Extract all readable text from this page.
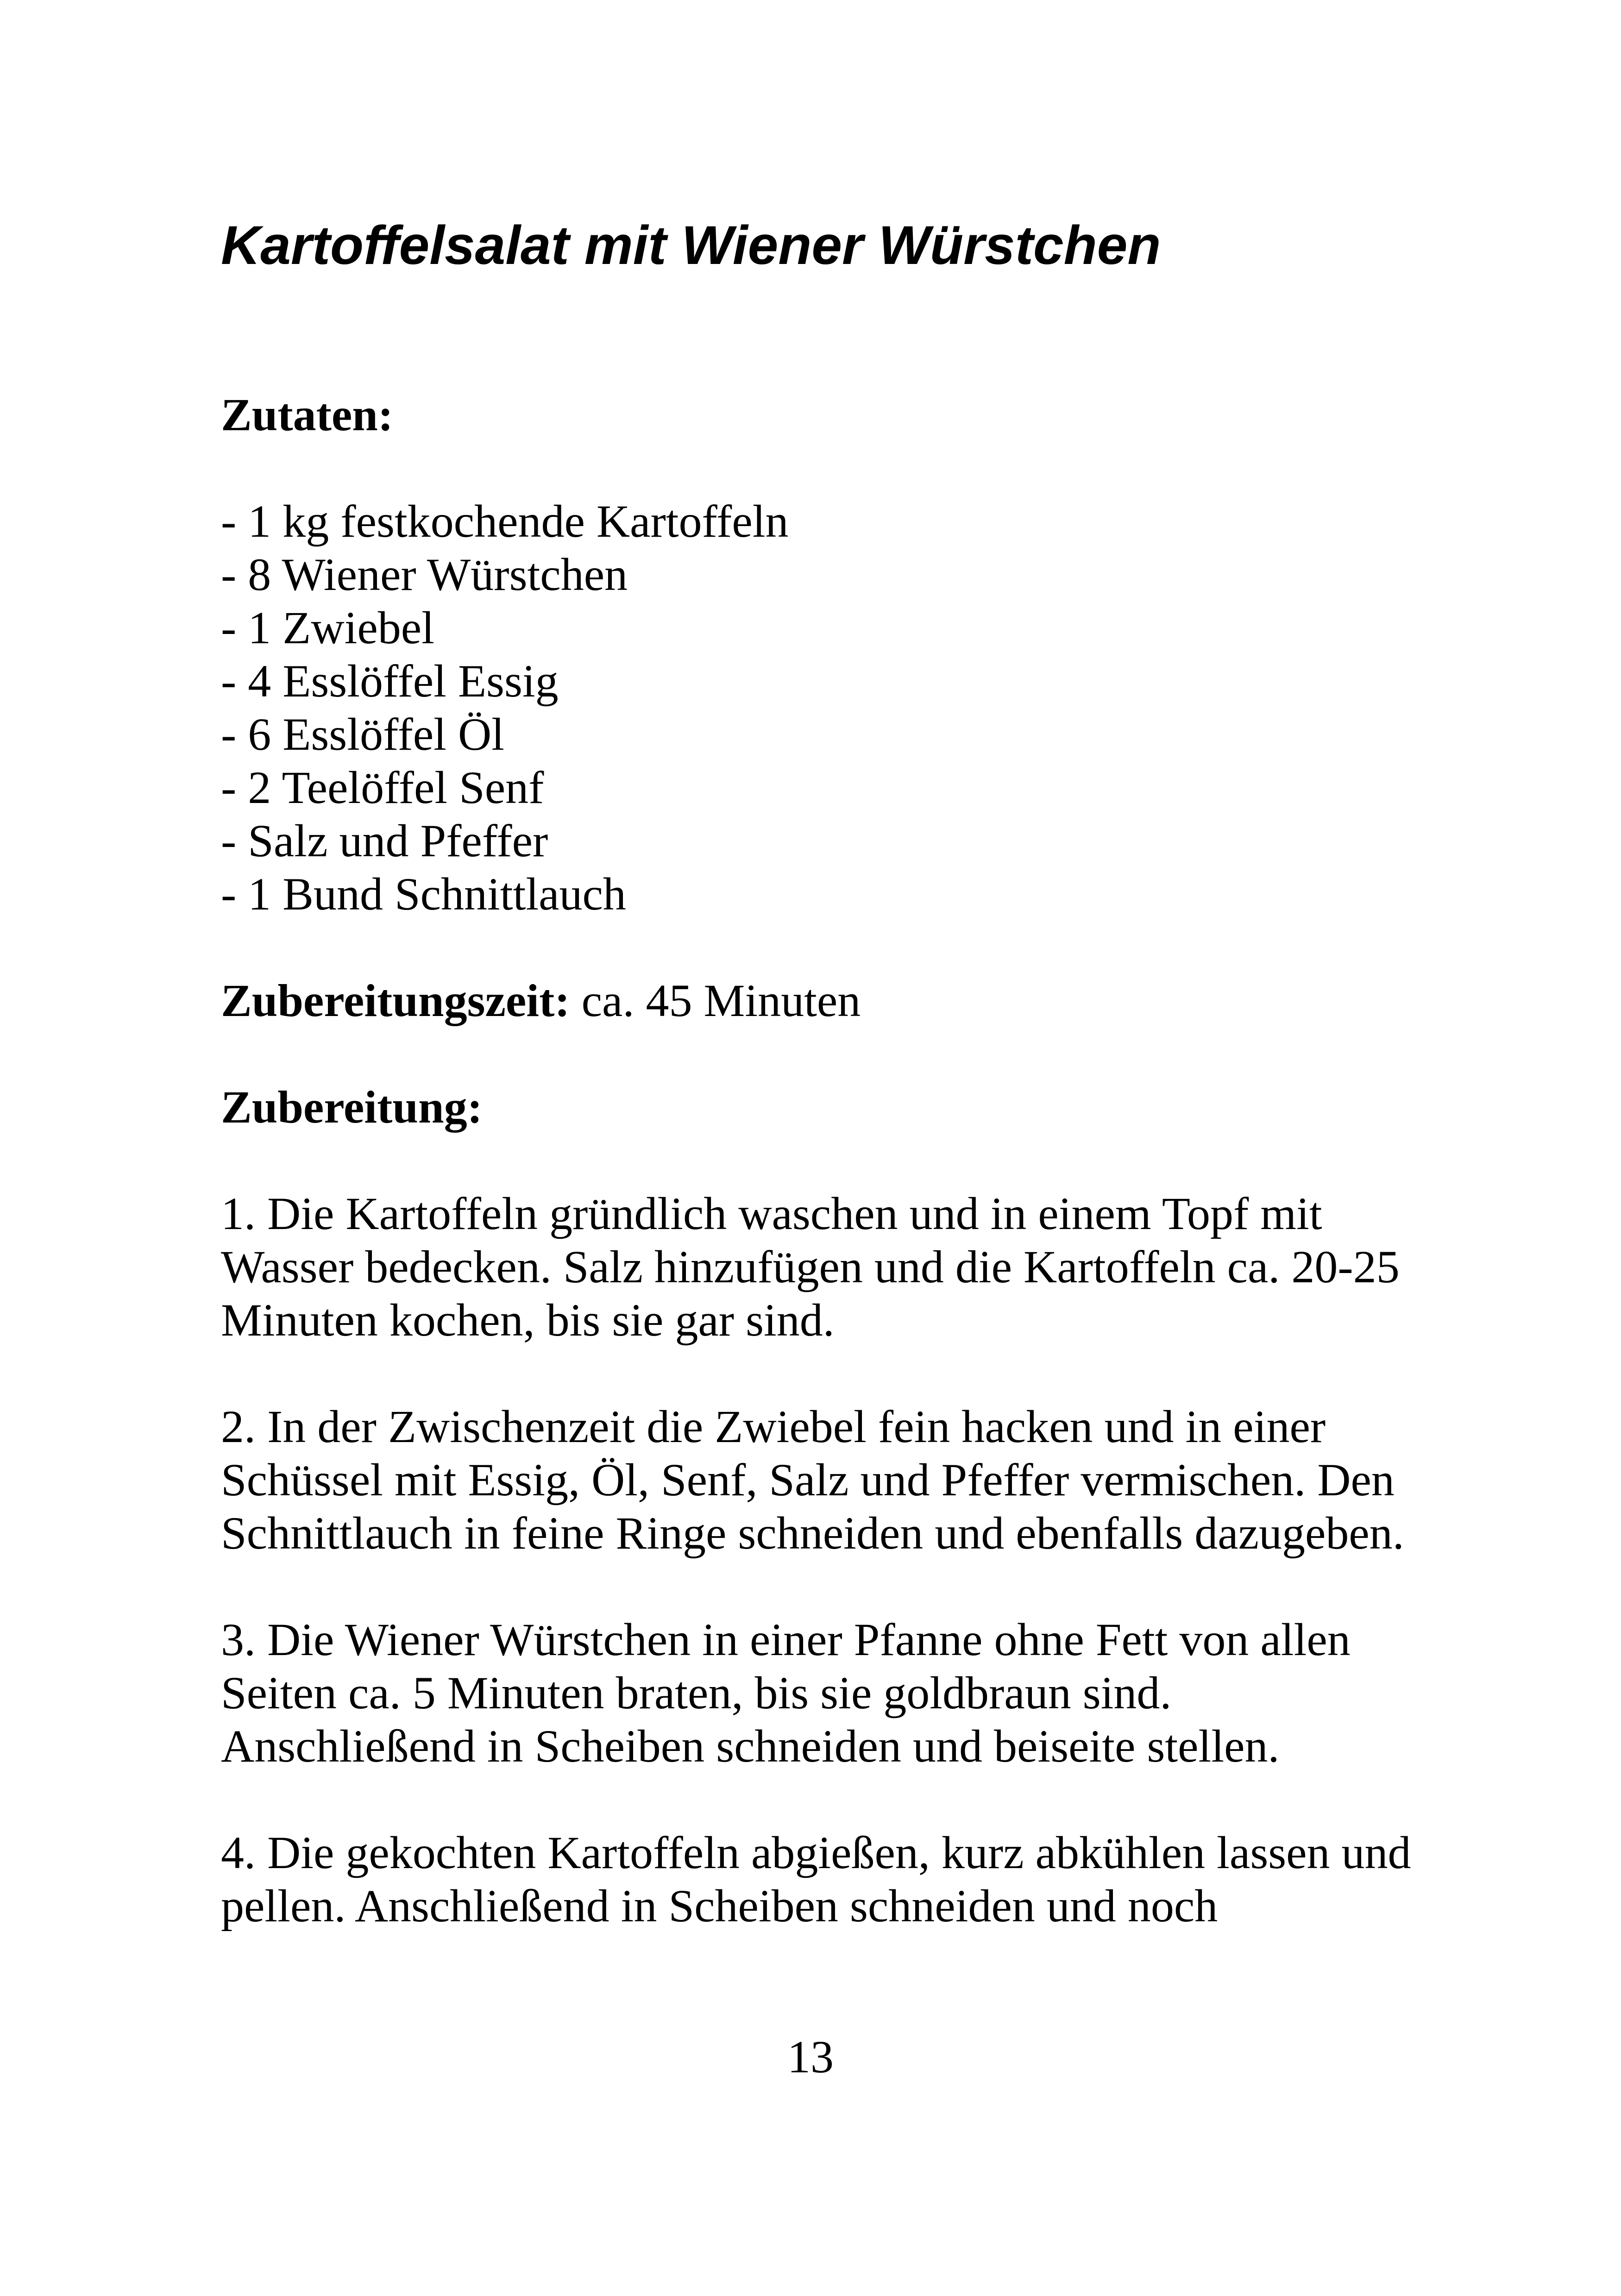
Kartoffelsalat mit Wiener Würstchen

Zutaten:

- 1 kg festkochende Kartoffeln
- 8 Wiener Würstchen
- 1 Zwiebel
- 4 Esslöffel Essig
- 6 Esslöffel Öl
- 2 Teelöffel Senf
- Salz und Pfeffer
- 1 Bund Schnittlauch

Zubereitungszeit: ca. 45 Minuten

Zubereitung:

1. Die Kartoffeln gründlich waschen und in einem Topf mit Wasser bedecken. Salz hinzufügen und die Kartoffeln ca. 20-25 Minuten kochen, bis sie gar sind.

2. In der Zwischenzeit die Zwiebel fein hacken und in einer Schüssel mit Essig, Öl, Senf, Salz und Pfeffer vermischen. Den Schnittlauch in feine Ringe schneiden und ebenfalls dazugeben.

3. Die Wiener Würstchen in einer Pfanne ohne Fett von allen Seiten ca. 5 Minuten braten, bis sie goldbraun sind. Anschließend in Scheiben schneiden und beiseite stellen.

4. Die gekochten Kartoffeln abgießen, kurz abkühlen lassen und pellen. Anschließend in Scheiben schneiden und noch

13
